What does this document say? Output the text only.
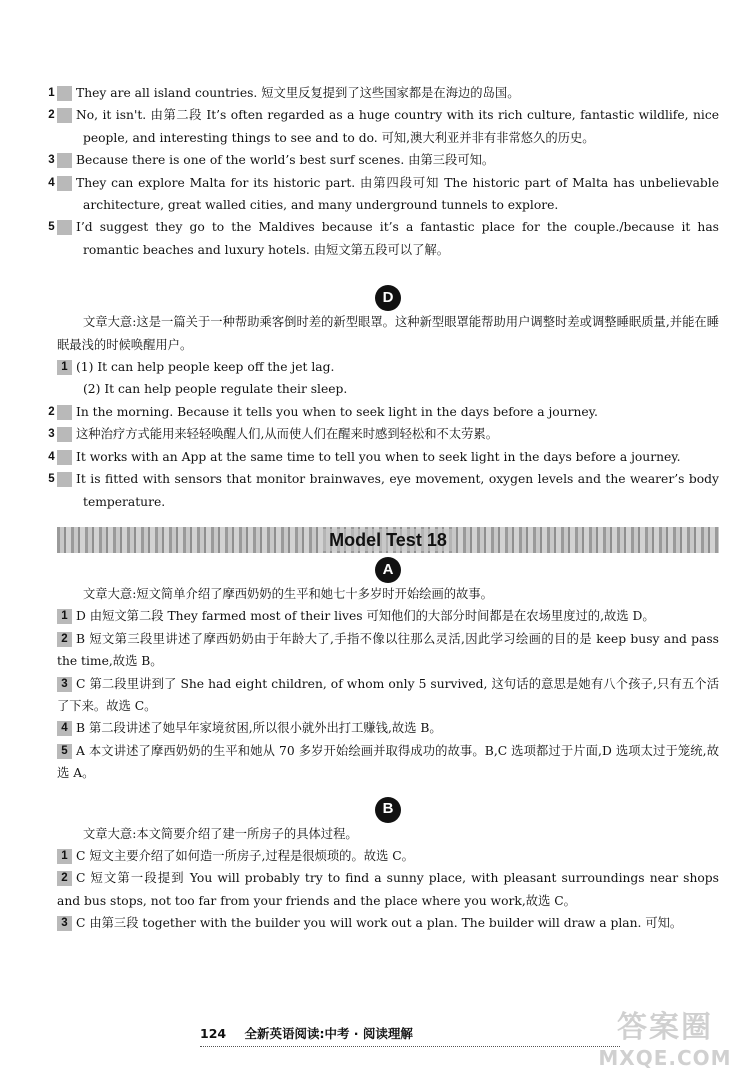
1 They are all island countries. 短文里反复提到了这些国家都是在海边的岛国。

2 No, it isn't. 由第二段 It’s often regarded as a huge country with its rich culture, fantastic wildlife, nice people, and interesting things to see and to do. 可知,澳大利亚并非有非常悠久的历史。

3 Because there is one of the world’s best surf scenes. 由第三段可知。

4 They can explore Malta for its historic part. 由第四段可知 The historic part of Malta has unbelievable architecture, great walled cities, and many underground tunnels to explore.

5 I’d suggest they go to the Maldives because it’s a fantastic place for the couple./because it has romantic beaches and luxury hotels. 由短文第五段可以了解。

D

文章大意:这是一篇关于一种帮助乘客倒时差的新型眼罩。这种新型眼罩能帮助用户调整时差或调整睡眠质量,并能在睡眠最浅的时候唤醒用户。

1 (1) It can help people keep off the jet lag.

(2) It can help people regulate their sleep.

2 In the morning. Because it tells you when to seek light in the days before a journey.

3 这种治疗方式能用来轻轻唤醒人们,从而使人们在醒来时感到轻松和不太劳累。

4 It works with an App at the same time to tell you when to seek light in the days before a journey.

5 It is fitted with sensors that monitor brainwaves, eye movement, oxygen levels and the wearer’s body temperature.

Model Test 18
A

文章大意:短文简单介绍了摩西奶奶的生平和她七十多岁时开始绘画的故事。

1 D 由短文第二段 They farmed most of their lives 可知他们的大部分时间都是在农场里度过的,故选 D。

2 B 短文第三段里讲述了摩西奶奶由于年龄大了,手指不像以往那么灵活,因此学习绘画的目的是 keep busy and pass the time,故选 B。

3 C 第二段里讲到了 She had eight children, of whom only 5 survived, 这句话的意思是她有八个孩子,只有五个活了下来。故选 C。

4 B 第二段讲述了她早年家境贫困,所以很小就外出打工赚钱,故选 B。

5 A 本文讲述了摩西奶奶的生平和她从 70 多岁开始绘画并取得成功的故事。B,C 选项都过于片面,D 选项太过于笼统,故选 A。

B

文章大意:本文简要介绍了建一所房子的具体过程。

1 C 短文主要介绍了如何造一所房子,过程是很烦琐的。故选 C。

2 C 短文第一段提到 You will probably try to find a sunny place, with pleasant surroundings near shops and bus stops, not too far from your friends and the place where you work,故选 C。

3 C 由第三段 together with the builder you will work out a plan. The builder will draw a plan. 可知。

124 全新英语阅读:中考 · 阅读理解	答案圈
MXQE.COM
